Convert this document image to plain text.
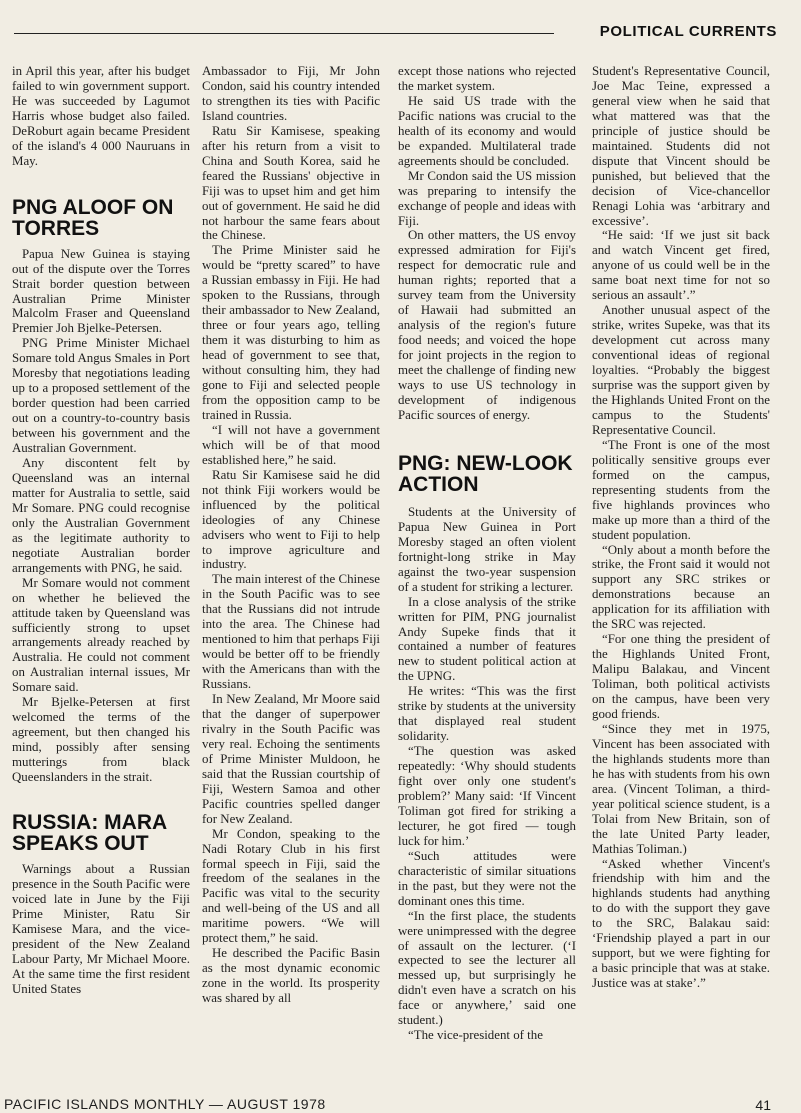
POLITICAL CURRENTS

in April this year, after his budget failed to win government support. He was succeeded by Lagumot Harris whose budget also failed. DeRoburt again became President of the island's 4 000 Nauruans in May.

PNG ALOOF ON TORRES

Papua New Guinea is staying out of the dispute over the Torres Strait border question between Australian Prime Minister Malcolm Fraser and Queensland Premier Joh Bjelke-Petersen.

PNG Prime Minister Michael Somare told Angus Smales in Port Moresby that negotiations leading up to a proposed settlement of the border question had been carried out on a country-to-country basis between his government and the Australian Government.

Any discontent felt by Queensland was an internal matter for Australia to settle, said Mr Somare. PNG could recognise only the Australian Government as the legitimate authority to negotiate Australian border arrangements with PNG, he said.

Mr Somare would not comment on whether he believed the attitude taken by Queensland was sufficiently strong to upset arrangements already reached by Australia. He could not comment on Australian internal issues, Mr Somare said.

Mr Bjelke-Petersen at first welcomed the terms of the agreement, but then changed his mind, possibly after sensing mutterings from black Queenslanders in the strait.

RUSSIA: MARA SPEAKS OUT

Warnings about a Russian presence in the South Pacific were voiced late in June by the Fiji Prime Minister, Ratu Sir Kamisese Mara, and the vice-president of the New Zealand Labour Party, Mr Michael Moore. At the same time the first resident United States

Ambassador to Fiji, Mr John Condon, said his country intended to strengthen its ties with Pacific Island countries.

Ratu Sir Kamisese, speaking after his return from a visit to China and South Korea, said he feared the Russians' objective in Fiji was to upset him and get him out of government. He said he did not harbour the same fears about the Chinese.

The Prime Minister said he would be “pretty scared” to have a Russian embassy in Fiji. He had spoken to the Russians, through their ambassador to New Zealand, three or four years ago, telling them it was disturbing to him as head of government to see that, without consulting him, they had gone to Fiji and selected people from the opposition camp to be trained in Russia.

“I will not have a government which will be of that mood established here,” he said.

Ratu Sir Kamisese said he did not think Fiji workers would be influenced by the political ideologies of any Chinese advisers who went to Fiji to help to improve agriculture and industry.

The main interest of the Chinese in the South Pacific was to see that the Russians did not intrude into the area. The Chinese had mentioned to him that perhaps Fiji would be better off to be friendly with the Americans than with the Russians.

In New Zealand, Mr Moore said that the danger of superpower rivalry in the South Pacific was very real. Echoing the sentiments of Prime Minister Muldoon, he said that the Russian courtship of Fiji, Western Samoa and other Pacific countries spelled danger for New Zealand.

Mr Condon, speaking to the Nadi Rotary Club in his first formal speech in Fiji, said the freedom of the sealanes in the Pacific was vital to the security and well-being of the US and all maritime powers. “We will protect them,” he said.

He described the Pacific Basin as the most dynamic economic zone in the world. Its prosperity was shared by all

except those nations who rejected the market system.

He said US trade with the Pacific nations was crucial to the health of its economy and would be expanded. Multilateral trade agreements should be concluded.

Mr Condon said the US mission was preparing to intensify the exchange of people and ideas with Fiji.

On other matters, the US envoy expressed admiration for Fiji's respect for democratic rule and human rights; reported that a survey team from the University of Hawaii had submitted an analysis of the region's future food needs; and voiced the hope for joint projects in the region to meet the challenge of finding new ways to use US technology in development of indigenous Pacific sources of energy.

PNG: NEW-LOOK ACTION

Students at the University of Papua New Guinea in Port Moresby staged an often violent fortnight-long strike in May against the two-year suspension of a student for striking a lecturer.

In a close analysis of the strike written for PIM, PNG journalist Andy Supeke finds that it contained a number of features new to student political action at the UPNG.

He writes: “This was the first strike by students at the university that displayed real student solidarity.

“The question was asked repeatedly: ‘Why should students fight over only one student's problem?’ Many said: ‘If Vincent Toliman got fired for striking a lecturer, he got fired — tough luck for him.’

“Such attitudes were characteristic of similar situations in the past, but they were not the dominant ones this time.

“In the first place, the students were unimpressed with the degree of assault on the lecturer. (‘I expected to see the lecturer all messed up, but surprisingly he didn't even have a scratch on his face or anywhere,’ said one student.)

“The vice-president of the

Student's Representative Council, Joe Mac Teine, expressed a general view when he said that what mattered was that the principle of justice should be maintained. Students did not dispute that Vincent should be punished, but believed that the decision of Vice-chancellor Renagi Lohia was ‘arbitrary and excessive’.

“He said: ‘If we just sit back and watch Vincent get fired, anyone of us could well be in the same boat next time for not so serious an assault’.”

Another unusual aspect of the strike, writes Supeke, was that its development cut across many conventional ideas of regional loyalties. “Probably the biggest surprise was the support given by the Highlands United Front on the campus to the Students' Representative Council.

“The Front is one of the most politically sensitive groups ever formed on the campus, representing students from the five highlands provinces who make up more than a third of the student population.

“Only about a month before the strike, the Front said it would not support any SRC strikes or demonstrations because an application for its affiliation with the SRC was rejected.

“For one thing the president of the Highlands United Front, Malipu Balakau, and Vincent Toliman, both political activists on the campus, have been very good friends.

“Since they met in 1975, Vincent has been associated with the highlands students more than he has with students from his own area. (Vincent Toliman, a third-year political science student, is a Tolai from New Britain, son of the late United Party leader, Mathias Toliman.)

“Asked whether Vincent's friendship with him and the highlands students had anything to do with the support they gave to the SRC, Balakau said: ‘Friendship played a part in our support, but we were fighting for a basic principle that was at stake. Justice was at stake’.”

PACIFIC ISLANDS MONTHLY — AUGUST 1978	41
